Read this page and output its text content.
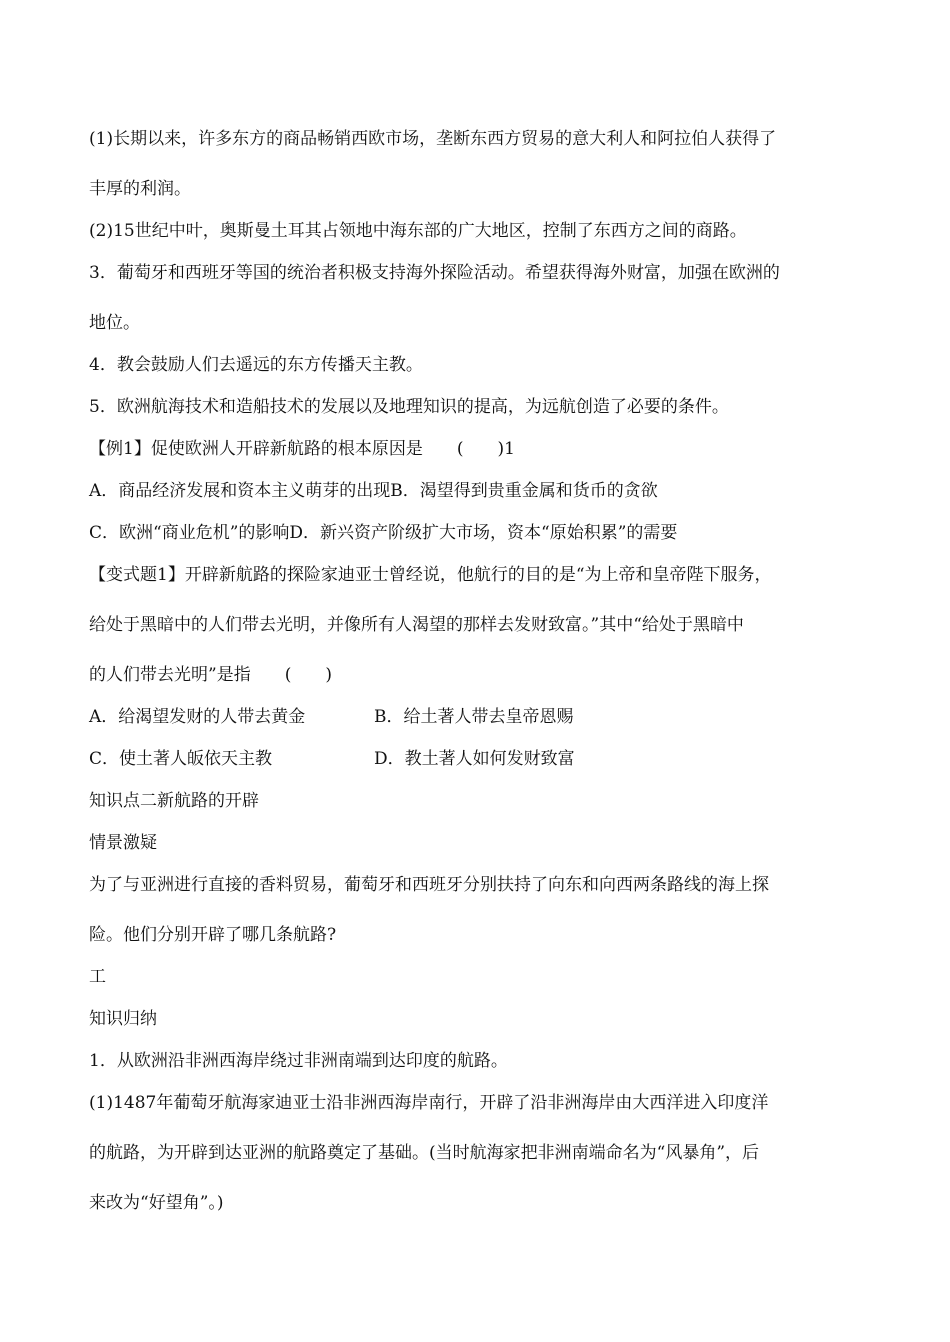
(1)长期以来，许多东方的商品畅销西欧市场，垄断东西方贸易的意大利人和阿拉伯人获得了
丰厚的利润。
(2)15世纪中叶，奥斯曼土耳其占领地中海东部的广大地区，控制了东西方之间的商路。
3．葡萄牙和西班牙等国的统治者积极支持海外探险活动。希望获得海外财富，加强在欧洲的
地位。
4．教会鼓励人们去遥远的东方传播天主教。
5．欧洲航海技术和造船技术的发展以及地理知识的提高，为远航创造了必要的条件。
【例1】促使欧洲人开辟新航路的根本原因是　　(　　)1
A．商品经济发展和资本主义萌芽的出现B．渴望得到贵重金属和货币的贪欲
C．欧洲“商业危机”的影响D．新兴资产阶级扩大市场，资本“原始积累”的需要
【变式题1】开辟新航路的探险家迪亚士曾经说，他航行的目的是“为上帝和皇帝陛下服务，
给处于黑暗中的人们带去光明，并像所有人渴望的那样去发财致富。”其中“给处于黑暗中
的人们带去光明”是指　　(　　)
A．给渴望发财的人带去黄金	B．给土著人带去皇帝恩赐
C．使土著人皈依天主教	D．教土著人如何发财致富
知识点二新航路的开辟
情景激疑
为了与亚洲进行直接的香料贸易，葡萄牙和西班牙分别扶持了向东和向西两条路线的海上探
险。他们分别开辟了哪几条航路?
工
知识归纳
1．从欧洲沿非洲西海岸绕过非洲南端到达印度的航路。
(1)1487年葡萄牙航海家迪亚士沿非洲西海岸南行，开辟了沿非洲海岸由大西洋进入印度洋
的航路，为开辟到达亚洲的航路奠定了基础。(当时航海家把非洲南端命名为“风暴角”，后
来改为“好望角”。)
